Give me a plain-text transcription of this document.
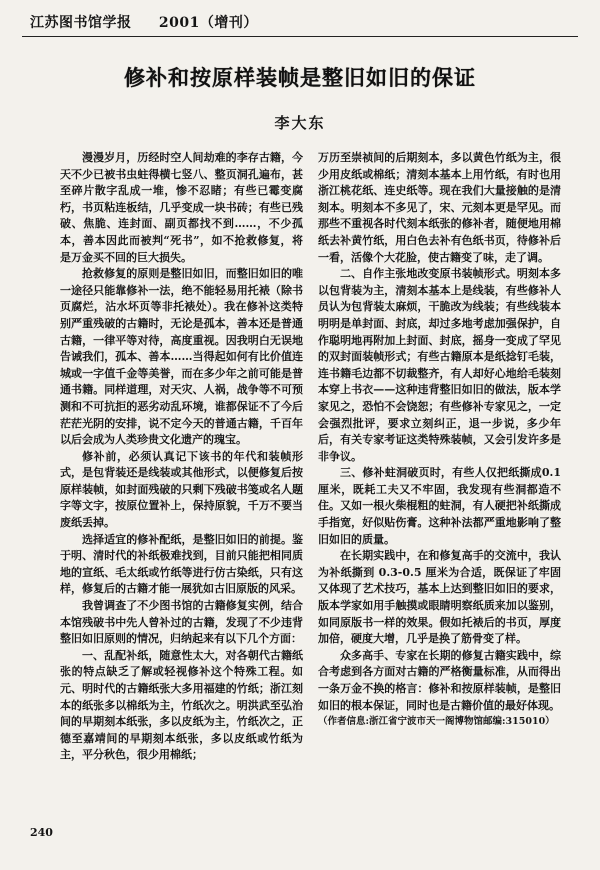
江苏图书馆学报 2001（增刊）
修补和按原样装帧是整旧如旧的保证
李大东

漫漫岁月，历经时空人间劫难的李存古籍，今天不少已被书虫蛀得横七竖八、整页洞孔遍布，甚至碎片散字乱成一堆，惨不忍睹；有些已霉变腐朽，书页粘连板结，几乎变成一块书砖；有些已残破、焦脆、连封面、副页都找不到……，不少孤本，善本因此而被判“死书”，如不抢救修复，将是万金买不回的巨大损失。

抢救修复的原则是整旧如旧，而整旧如旧的唯一途径只能靠修补一法，绝不能轻易用托裱（除书页腐烂，沾水坏页等非托裱处）。我在修补这类特别严重残破的古籍时，无论是孤本，善本还是普通古籍，一律平等对待，高度重视。因我明白无误地告诫我们，孤本、善本……当得起如何有比价值连城或一字值千金等美誉，而在多少年之前可能是普通书籍。同样道理，对天灾、人祸，战争等不可预测和不可抗拒的恶劣动乱环境，谁都保证不了今后茫茫光阴的安排，说不定今天的普通古籍，千百年以后会成为人类珍贵文化遗产的瑰宝。

修补前，必须认真记下该书的年代和装帧形式，是包背装还是线装或其他形式，以便修复后按原样装帧，如封面残破的只剩下残破书笺或名人题字等文字，按原位置补上，保持原貌，千万不要当废纸丢掉。

选择适宜的修补配纸，是整旧如旧的前提。鉴于明、清时代的补纸极难找到，目前只能把相同质地的宣纸、毛太纸或竹纸等进行仿古染纸，只有这样，修复后的古籍才能一展犹如古旧原版的风采。

我曾调查了不少图书馆的古籍修复实例，结合本馆残破书中先人曾补过的古籍，发现了不少违背整旧如旧原则的情况，归纳起来有以下几个方面：

一、乱配补纸，随意性太大，对各朝代古籍纸张的特点缺乏了解或轻视修补这个特殊工程。如元、明时代的古籍纸张大多用福建的竹纸；浙江刻本的纸张多以棉纸为主，竹纸次之。明洪武至弘治间的早期刻本纸张，多以皮纸为主，竹纸次之，正德至嘉靖间的早期刻本纸张，多以皮纸或竹纸为主，平分秋色，很少用棉纸；

万历至崇祯间的后期刻本，多以黄色竹纸为主，很少用皮纸或棉纸；清刻本基本上用竹纸，有时也用浙江桃花纸、连史纸等。现在我们大量接触的是清刻本。明刻本不多见了，宋、元刻本更是罕见。而那些不重视各时代刻本纸张的修补者，随便地用棉纸去补黄竹纸，用白色去补有色纸书页，待修补后一看，活像个大花脸，使古籍变了味，走了调。

二、自作主张地改变原书装帧形式。明刻本多以包背装为主，清刻本基本上是线装，有些修补人员认为包背装太麻烦，干脆改为线装；有些线装本明明是单封面、封底，却过多地考虑加强保护，自作聪明地再附加上封面、封底，摇身一变成了罕见的双封面装帧形式；有些古籍原本是纸捻钉毛装，连书籍毛边都不切裁整齐，有人却好心地给毛装刻本穿上书衣——这种违背整旧如旧的做法，版本学家见之，恐怕不会饶恕；有些修补专家见之，一定会强烈批评，要求立刻纠正，退一步说，多少年后，有关专家考证这类特殊装帧，又会引发许多是非争议。

三、修补蛀洞破页时，有些人仅把纸撕成0.1 厘米，既耗工夫又不牢固，我发现有些洞都造不住。又如一根火柴棍粗的蛀洞，有人硬把补纸撕成手指宽，好似贴伤膏。这种补法都严重地影响了整旧如旧的质量。

在长期实践中，在和修复高手的交流中，我认为补纸撕到 0.3-0.5 厘米为合适，既保证了牢固又体现了艺术技巧，基本上达到整旧如旧的要求，版本学家如用手触摸或眼睛明察纸质来加以鉴别，如同原版书一样的效果。假如托裱后的书页，厚度加倍，硬度大增，几乎是换了筋骨变了样。

众多高手、专家在长期的修复古籍实践中，综合考虑到各方面对古籍的严格衡量标准，从而得出一条万金不换的格言：修补和按原样装帧，是整旧如旧的根本保证，同时也是古籍价值的最好体现。

（作者信息:浙江省宁波市天一阁博物馆邮编:315010）

240
